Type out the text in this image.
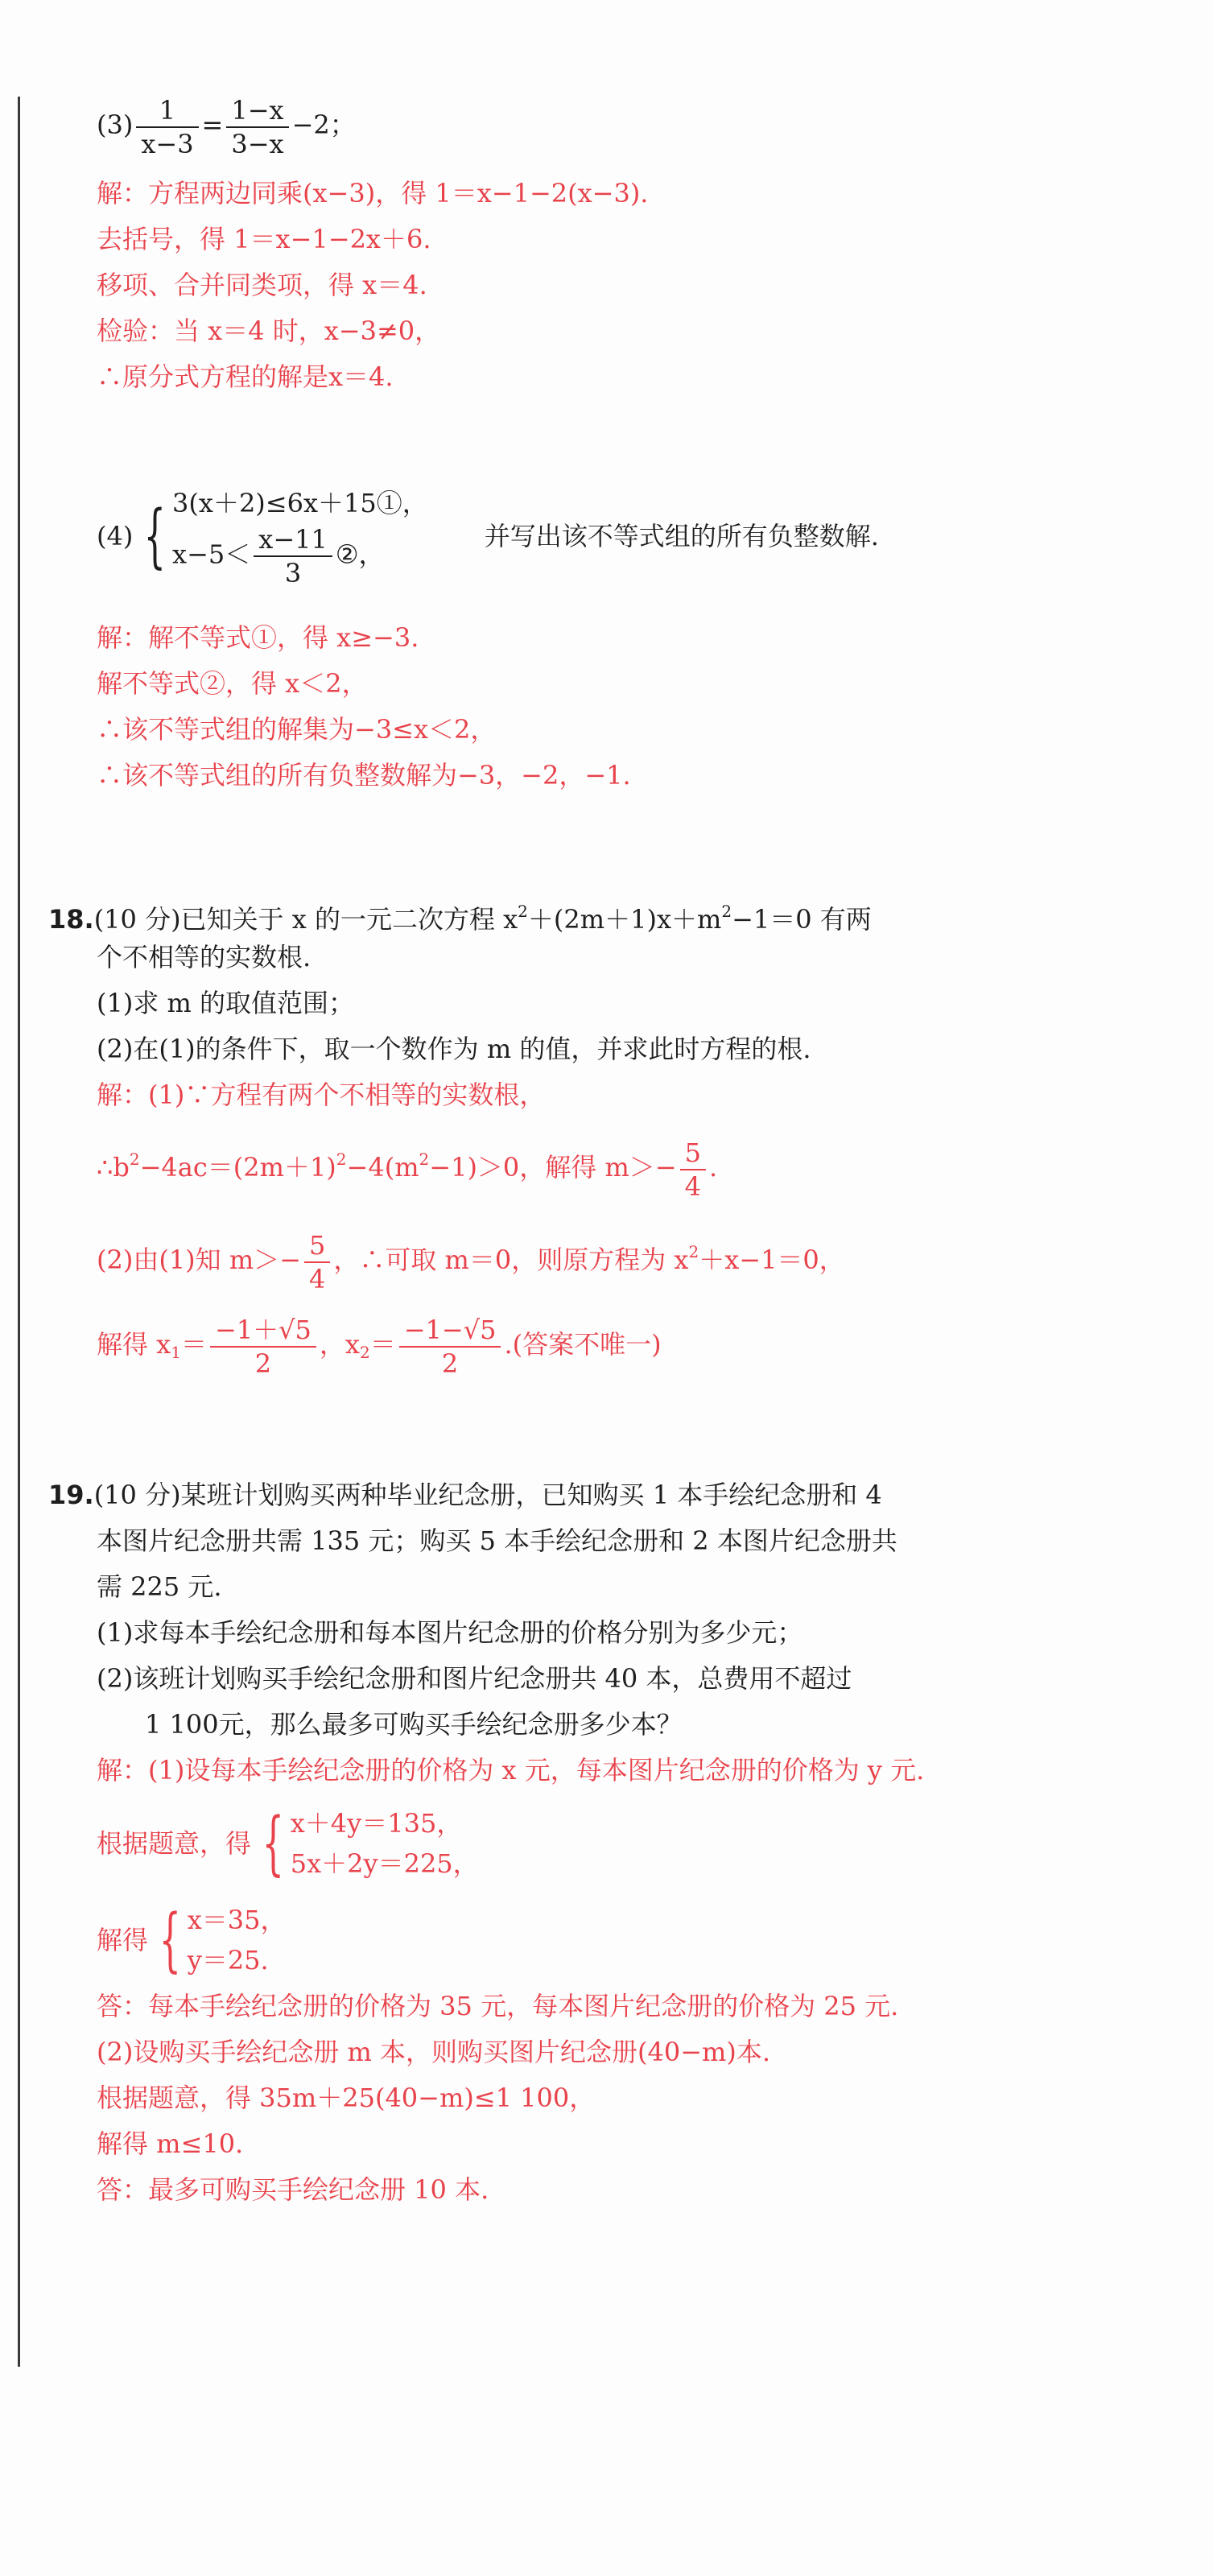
$(3) \frac{1}{x-3} = \frac{1-x}{3-x} -2$；
解：方程两边同乘(x−3)，得 1＝x−1−2(x−3).
去括号，得 1＝x−1−2x＋6.
移项、合并同类项，得 x＝4.
检验：当 x＝4 时，x−3≠0，
∴原分式方程的解是x＝4.
(4) { 3(x＋2)≤6x＋15①，
$x-5< \frac{x-11}{3}$ ②，
并写出该不等式组的所有负整数解.
解：解不等式①，得 x≥−3.
解不等式②，得 x＜2，
∴该不等式组的解集为−3≤x＜2，
∴该不等式组的所有负整数解为−3，−2，−1.
18.(10 分)已知关于 x 的一元二次方程 $x^2+(2m+1)x+m^2-1=0$ 有两
个不相等的实数根.
(1)求 m 的取值范围；
(2)在(1)的条件下，取一个数作为 m 的值，并求此时方程的根.
解：(1)∵方程有两个不相等的实数根，
$\therefore b^2-4ac=(2m+1)^2-4(m^2-1)>0$，解得 $m>- \frac{5}{4}$ .
(2)由(1)知 $m>- \frac{5}{4}$ ，∴可取 m＝0，则原方程为 $x^2+x-1=0$，
解得 $x_1= \frac{-1+√5}{2}$ ，$x_2= \frac{-1-√5}{2}$ .(答案不唯一)
19.(10 分)某班计划购买两种毕业纪念册，已知购买 1 本手绘纪念册和 4
本图片纪念册共需 135 元；购买 5 本手绘纪念册和 2 本图片纪念册共
需 225 元.
(1)求每本手绘纪念册和每本图片纪念册的价格分别为多少元；
(2)该班计划购买手绘纪念册和图片纪念册共 40 本，总费用不超过
1 100元，那么最多可购买手绘纪念册多少本？
解：(1)设每本手绘纪念册的价格为 x 元，每本图片纪念册的价格为 y 元.
根据题意，得 { x＋4y＝135，
5x＋2y＝225，
解得 { x＝35，
y＝25.
答：每本手绘纪念册的价格为 35 元，每本图片纪念册的价格为 25 元.
(2)设购买手绘纪念册 m 本，则购买图片纪念册(40−m)本.
根据题意，得 35m＋25(40−m)≤1 100，
解得 m≤10.
答：最多可购买手绘纪念册 10 本.
